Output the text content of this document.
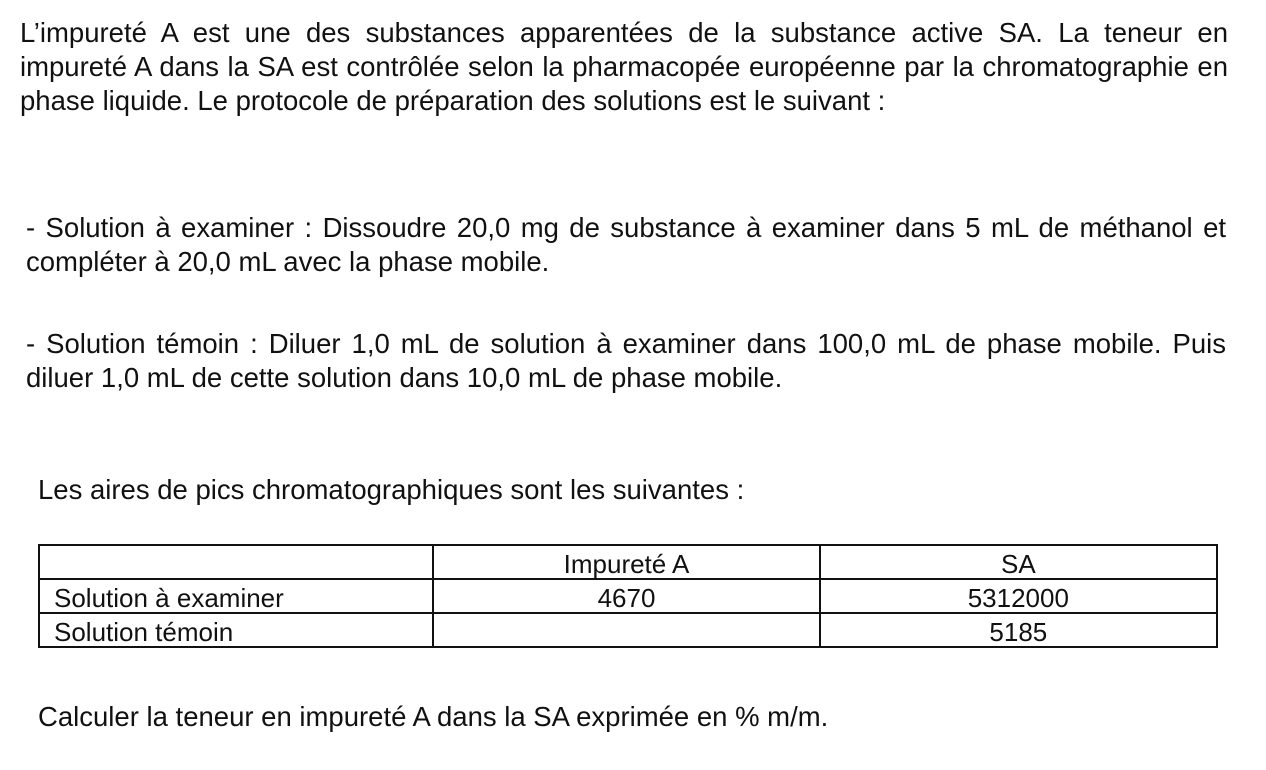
L’impureté A est une des substances apparentées de la substance active SA. La teneur en impureté A dans la SA est contrôlée selon la pharmacopée européenne par la chromatographie en phase liquide. Le protocole de préparation des solutions est le suivant :

- Solution à examiner : Dissoudre 20,0 mg de substance à examiner dans 5 mL de méthanol et compléter à 20,0 mL avec la phase mobile.

- Solution témoin : Diluer 1,0 mL de solution à examiner dans 100,0 mL de phase mobile. Puis diluer 1,0 mL de cette solution dans 10,0 mL de phase mobile.

Les aires de pics chromatographiques sont les suivantes :

	Impureté A	SA
Solution à examiner	4670	5312000
Solution témoin		5185

Calculer la teneur en impureté A dans la SA exprimée en % m/m.
